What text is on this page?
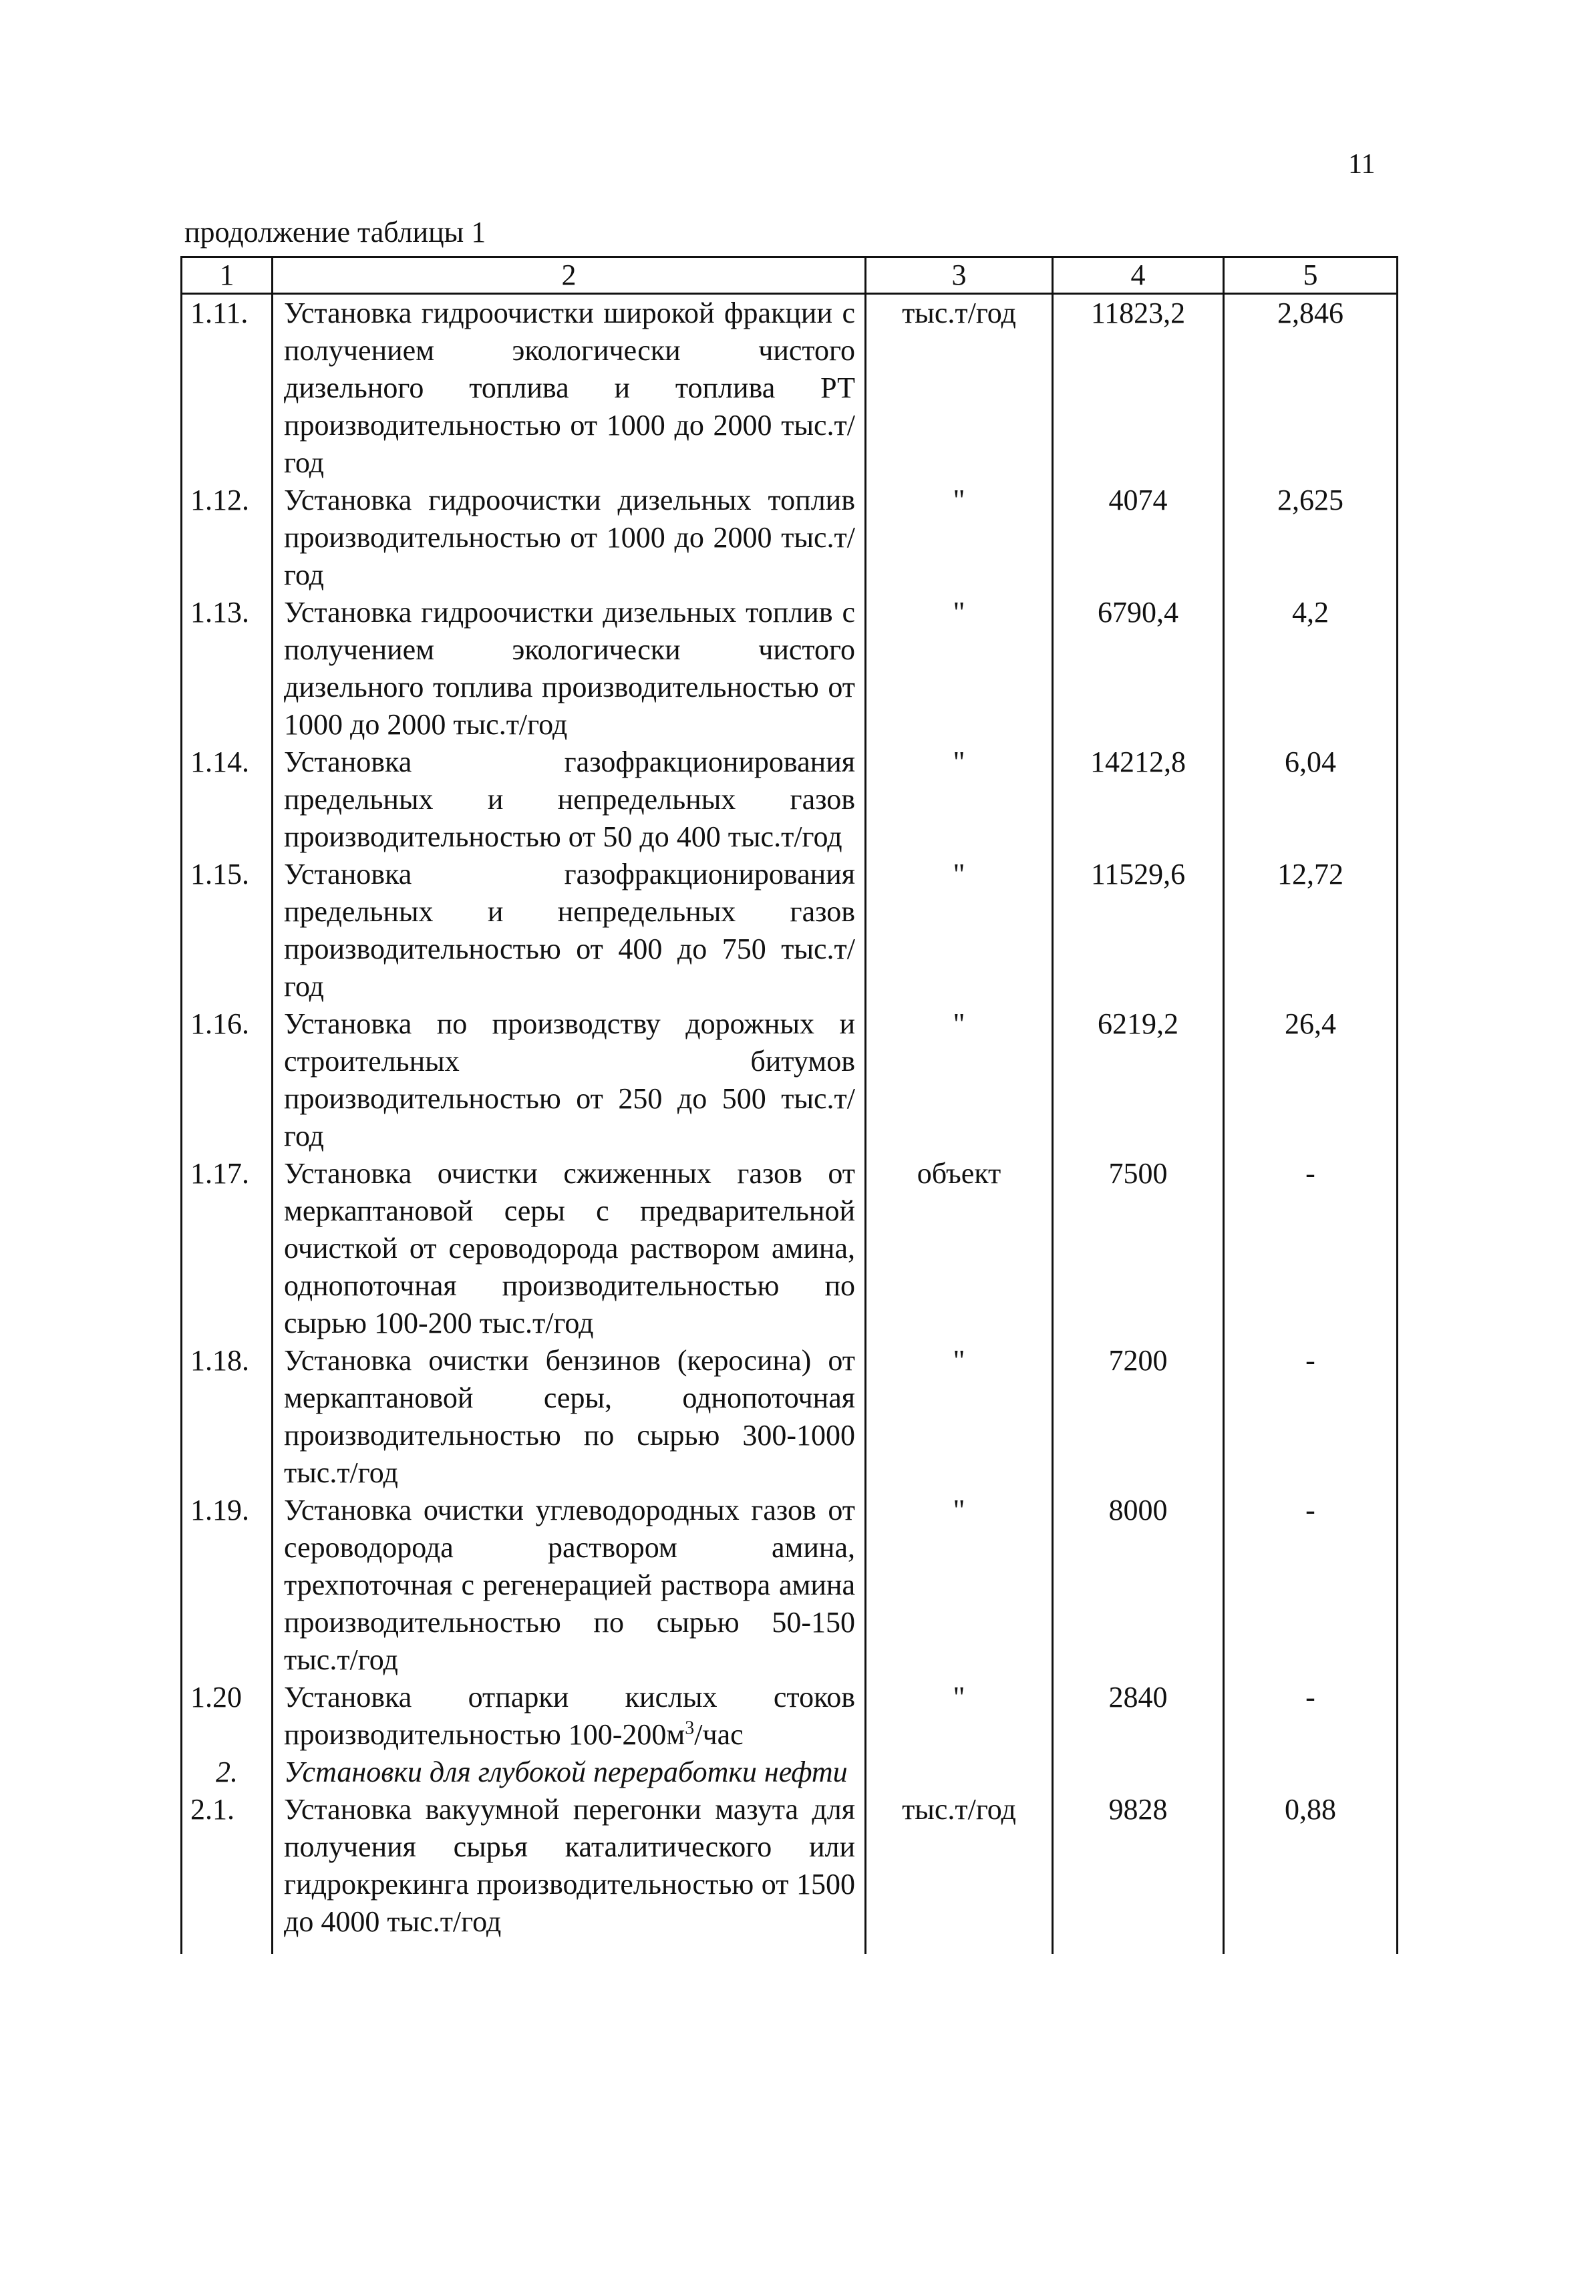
11
продолжение таблицы 1
1	2	3	4	5
1.11.	Установка гидроочистки широкой фракции с получением экологически чистого дизельного топлива и топлива РТ производительностью от 1000 до 2000 тыс.т/год	тыс.т/год	11823,2	2,846
1.12.	Установка гидроочистки дизельных топлив производительностью от 1000 до 2000 тыс.т/год	"	4074	2,625
1.13.	Установка гидроочистки дизельных топлив с получением экологически чистого дизельного топлива производительностью от 1000 до 2000 тыс.т/год	"	6790,4	4,2
1.14.	Установка газофракционирования предельных и непредельных газов производительностью от 50 до 400 тыс.т/год	"	14212,8	6,04
1.15.	Установка газофракционирования предельных и непредельных газов производительностью от 400 до 750 тыс.т/год	"	11529,6	12,72
1.16.	Установка по производству дорожных и строительных битумов производительностью от 250 до 500 тыс.т/год	"	6219,2	26,4
1.17.	Установка очистки сжиженных газов от меркаптановой серы с предварительной очисткой от сероводорода раствором амина, однопоточная производительностью по сырью 100-200 тыс.т/год	объект	7500	-
1.18.	Установка очистки бензинов (керосина) от меркаптановой серы, однопоточная производительностью по сырью 300-1000 тыс.т/год	"	7200	-
1.19.	Установка очистки углеводородных газов от сероводорода раствором амина, трехпоточная с регенерацией раствора амина производительностью по сырью 50-150 тыс.т/год	"	8000	-
1.20	Установка отпарки кислых стоков производительностью $100-200м^3$/час	"	2840	-
2.	Установки для глубокой переработки нефти			
2.1.	Установка вакуумной перегонки мазута для получения сырья каталитического или гидрокрекинга производительностью от 1500 до 4000 тыс.т/год	тыс.т/год	9828	0,88
